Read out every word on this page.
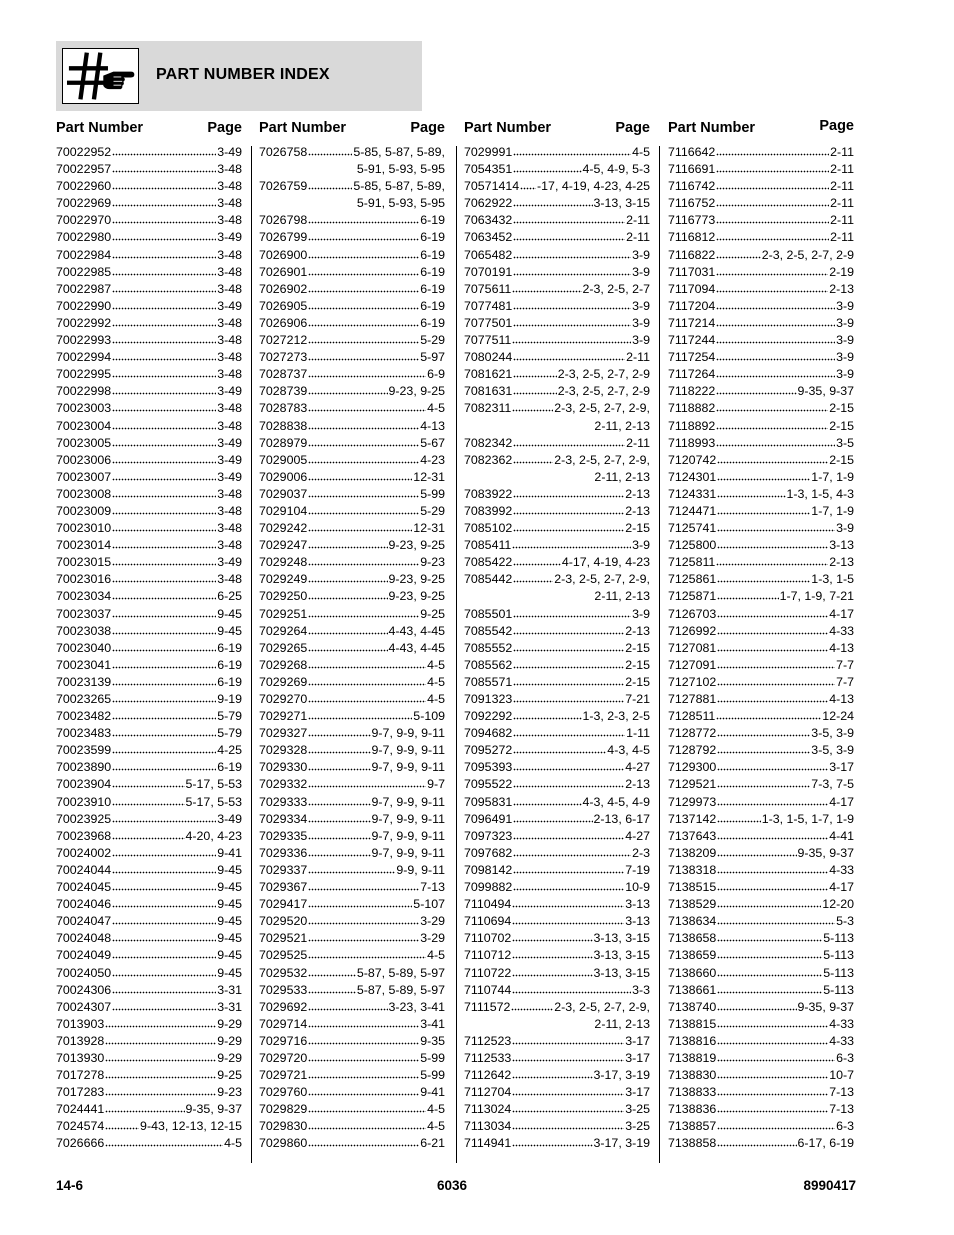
PART NUMBER INDEX
Part Number	Page
70022952	3-49
70022957	3-48
70022960	3-48
70022969	3-48
70022970	3-48
70022980	3-49
70022984	3-48
70022985	3-48
70022987	3-48
70022990	3-49
70022992	3-48
70022993	3-48
70022994	3-48
70022995	3-48
70022998	3-49
70023003	3-48
70023004	3-48
70023005	3-49
70023006	3-49
70023007	3-49
70023008	3-48
70023009	3-48
70023010	3-48
70023014	3-48
70023015	3-49
70023016	3-48
70023034	6-25
70023037	9-45
70023038	9-45
70023040	6-19
70023041	6-19
70023139	6-19
70023265	9-19
70023482	5-79
70023483	5-79
70023599	4-25
70023890	6-19
70023904	5-17, 5-53
70023910	5-17, 5-53
70023925	3-49
70023968	4-20, 4-23
70024002	9-41
70024044	9-45
70024045	9-45
70024046	9-45
70024047	9-45
70024048	9-45
70024049	9-45
70024050	9-45
70024306	3-31
70024307	3-31
7013903	9-29
7013928	9-29
7013930	9-29
7017278	9-25
7017283	9-23
7024441	9-35, 9-37
7024574	9-43, 12-13, 12-15
7026666	4-5
Part Number	Page
7026758	5-85, 5-87, 5-89,
5-91, 5-93, 5-95
7026759	5-85, 5-87, 5-89,
5-91, 5-93, 5-95
7026798	6-19
7026799	6-19
7026900	6-19
7026901	6-19
7026902	6-19
7026905	6-19
7026906	6-19
7027212	5-29
7027273	5-97
7028737	6-9
7028739	9-23, 9-25
7028783	4-5
7028838	4-13
7028979	5-67
7029005	4-23
7029006	12-31
7029037	5-99
7029104	5-29
7029242	12-31
7029247	9-23, 9-25
7029248	9-23
7029249	9-23, 9-25
7029250	9-23, 9-25
7029251	9-25
7029264	4-43, 4-45
7029265	4-43, 4-45
7029268	4-5
7029269	4-5
7029270	4-5
7029271	5-109
7029327	9-7, 9-9, 9-11
7029328	9-7, 9-9, 9-11
7029330	9-7, 9-9, 9-11
7029332	9-7
7029333	9-7, 9-9, 9-11
7029334	9-7, 9-9, 9-11
7029335	9-7, 9-9, 9-11
7029336	9-7, 9-9, 9-11
7029337	9-9, 9-11
7029367	7-13
7029417	5-107
7029520	3-29
7029521	3-29
7029525	4-5
7029532	5-87, 5-89, 5-97
7029533	5-87, 5-89, 5-97
7029692	3-23, 3-41
7029714	3-41
7029716	9-35
7029720	5-99
7029721	5-99
7029760	9-41
7029829	4-5
7029830	4-5
7029860	6-21
Part Number	Page
7029991	4-5
7054351	4-5, 4-9, 5-3
70571414 -17, 4-19, 4-23, 4-25
7062922	3-13, 3-15
7063432	2-11
7063452	2-11
7065482	3-9
7070191	3-9
7075611	2-3, 2-5, 2-7
7077481	3-9
7077501	3-9
7077511	3-9
7080244	2-11
7081621	2-3, 2-5, 2-7, 2-9
7081631	2-3, 2-5, 2-7, 2-9
7082311	2-3, 2-5, 2-7, 2-9,
2-11, 2-13
7082342	2-11
7082362	2-3, 2-5, 2-7, 2-9,
2-11, 2-13
7083922	2-13
7083992	2-13
7085102	2-15
7085411	3-9
7085422	4-17, 4-19, 4-23
7085442	2-3, 2-5, 2-7, 2-9,
2-11, 2-13
7085501	3-9
7085542	2-13
7085552	2-15
7085562	2-15
7085571	2-15
7091323	7-21
7092292	1-3, 2-3, 2-5
7094682	1-11
7095272	4-3, 4-5
7095393	4-27
7095522	2-13
7095831	4-3, 4-5, 4-9
7096491	2-13, 6-17
7097323	4-27
7097682	2-3
7098142	7-19
7099882	10-9
7110494	3-13
7110694	3-13
7110702	3-13, 3-15
7110712	3-13, 3-15
7110722	3-13, 3-15
7110744	3-3
7111572	2-3, 2-5, 2-7, 2-9,
2-11, 2-13
7112523	3-17
7112533	3-17
7112642	3-17, 3-19
7112704	3-17
7113024	3-25
7113034	3-25
7114941	3-17, 3-19
Part Number	Page
7116642	2-11
7116691	2-11
7116742	2-11
7116752	2-11
7116773	2-11
7116812	2-11
7116822	2-3, 2-5, 2-7, 2-9
7117031	2-19
7117094	2-13
7117204	3-9
7117214	3-9
7117244	3-9
7117254	3-9
7117264	3-9
7118222	9-35, 9-37
7118882	2-15
7118892	2-15
7118993	3-5
7120742	2-15
7124301	1-7, 1-9
7124331	1-3, 1-5, 4-3
7124471	1-7, 1-9
7125741	3-9
7125800	3-13
7125811	2-13
7125861	1-3, 1-5
7125871	1-7, 1-9, 7-21
7126703	4-17
7126992	4-33
7127081	4-13
7127091	7-7
7127102	7-7
7127881	4-13
7128511	12-24
7128772	3-5, 3-9
7128792	3-5, 3-9
7129300	3-17
7129521	7-3, 7-5
7129973	4-17
7137142	1-3, 1-5, 1-7, 1-9
7137643	4-41
7138209	9-35, 9-37
7138318	4-33
7138515	4-17
7138529	12-20
7138634	5-3
7138658	5-113
7138659	5-113
7138660	5-113
7138661	5-113
7138740	9-35, 9-37
7138815	4-33
7138816	4-33
7138819	6-3
7138830	10-7
7138833	7-13
7138836	7-13
7138857	6-3
7138858	6-17, 6-19
14-6	6036	8990417
